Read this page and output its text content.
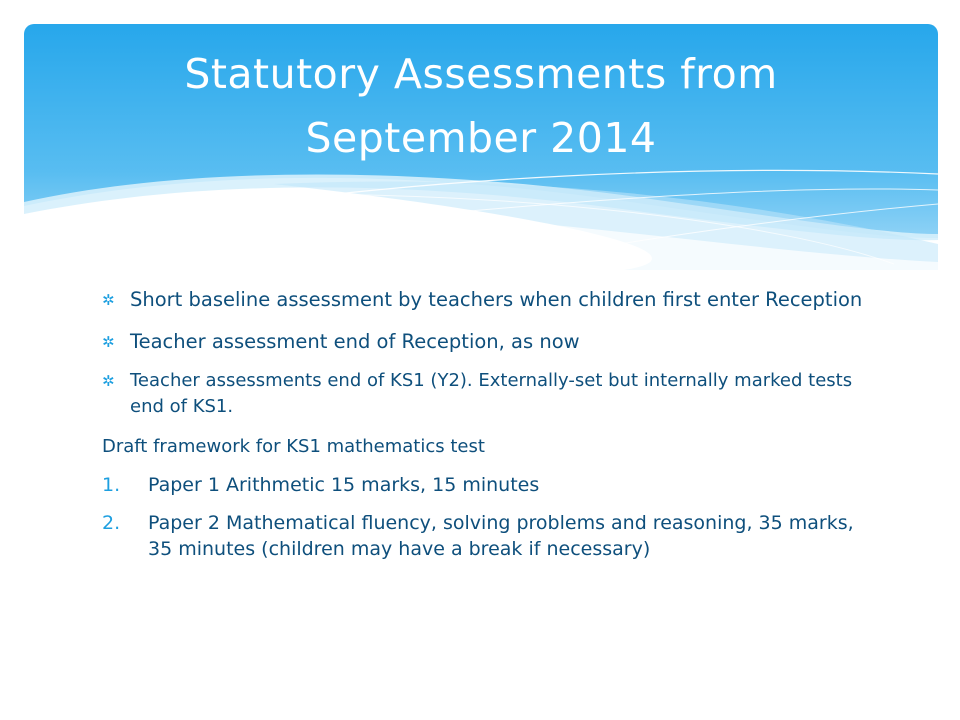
Statutory Assessments from
September 2014
✲ Short baseline assessment by teachers when children first enter Reception
✲ Teacher assessment end of Reception, as now
✲ Teacher assessments end of KS1 (Y2). Externally-set but internally marked tests end of KS1.
Draft framework for KS1 mathematics test
1. Paper 1 Arithmetic 15 marks, 15 minutes
2. Paper 2 Mathematical fluency, solving problems and reasoning, 35 marks, 35 minutes (children may have a break if necessary)
